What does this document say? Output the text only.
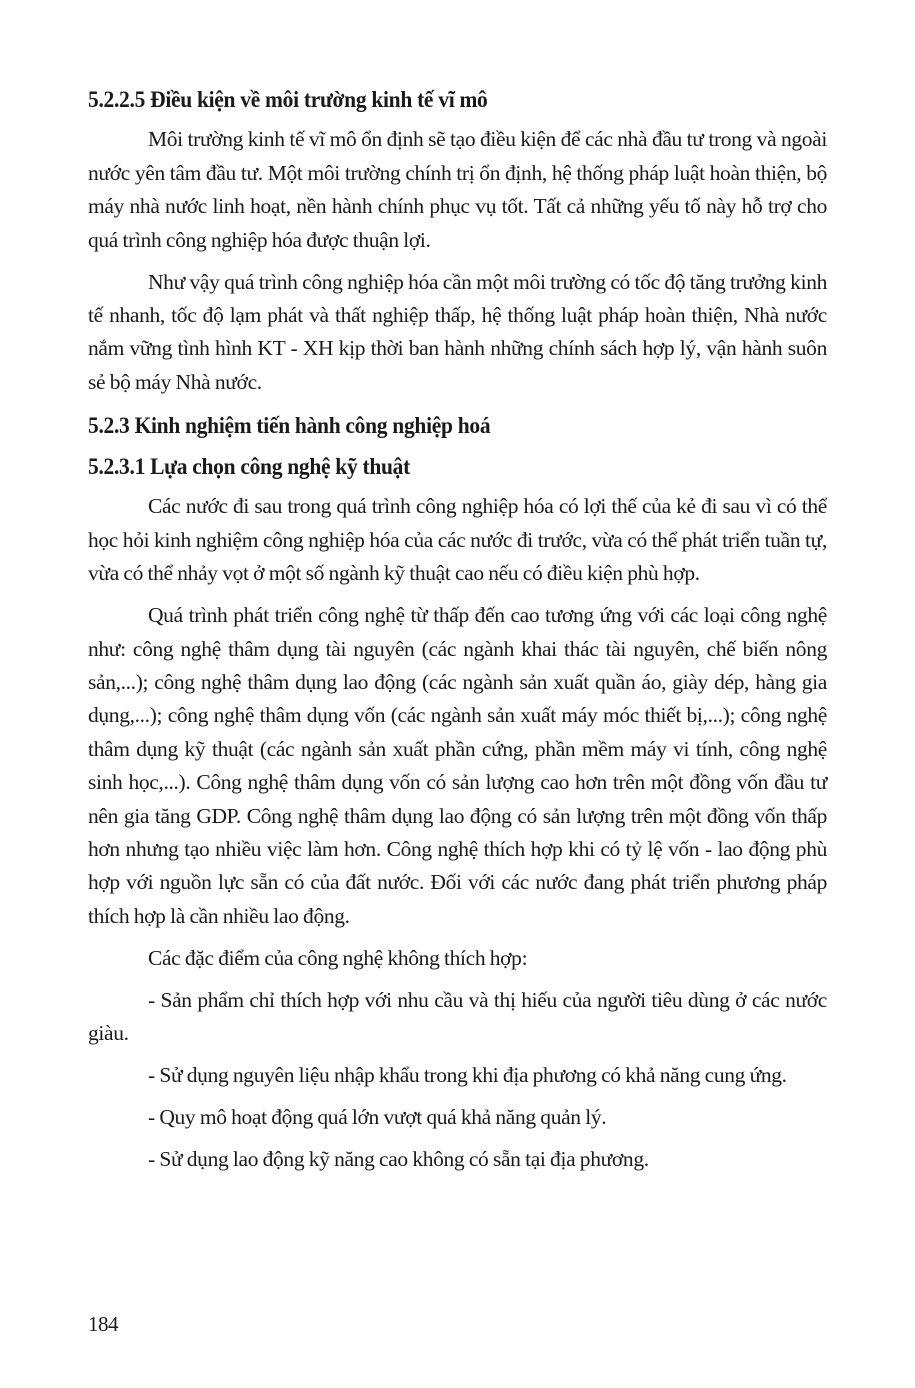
5.2.2.5 Điều kiện về môi trường kinh tế vĩ mô

Môi trường kinh tế vĩ mô ổn định sẽ tạo điều kiện để các nhà đầu tư trong và ngoài nước yên tâm đầu tư. Một môi trường chính trị ổn định, hệ thống pháp luật hoàn thiện, bộ máy nhà nước linh hoạt, nền hành chính phục vụ tốt. Tất cả những yếu tố này hỗ trợ cho quá trình công nghiệp hóa được thuận lợi.

Như vậy quá trình công nghiệp hóa cần một môi trường có tốc độ tăng trưởng kinh tế nhanh, tốc độ lạm phát và thất nghiệp thấp, hệ thống luật pháp hoàn thiện, Nhà nước nắm vững tình hình KT - XH kịp thời ban hành những chính sách hợp lý, vận hành suôn sẻ bộ máy Nhà nước.

5.2.3 Kinh nghiệm tiến hành công nghiệp hoá
5.2.3.1 Lựa chọn công nghệ kỹ thuật

Các nước đi sau trong quá trình công nghiệp hóa có lợi thế của kẻ đi sau vì có thể học hỏi kinh nghiệm công nghiệp hóa của các nước đi trước, vừa có thể phát triển tuần tự, vừa có thể nhảy vọt ở một số ngành kỹ thuật cao nếu có điều kiện phù hợp.

Quá trình phát triển công nghệ từ thấp đến cao tương ứng với các loại công nghệ như: công nghệ thâm dụng tài nguyên (các ngành khai thác tài nguyên, chế biến nông sản,...); công nghệ thâm dụng lao động (các ngành sản xuất quần áo, giày dép, hàng gia dụng,...); công nghệ thâm dụng vốn (các ngành sản xuất máy móc thiết bị,...); công nghệ thâm dụng kỹ thuật (các ngành sản xuất phần cứng, phần mềm máy vi tính, công nghệ sinh học,...). Công nghệ thâm dụng vốn có sản lượng cao hơn trên một đồng vốn đầu tư nên gia tăng GDP. Công nghệ thâm dụng lao động có sản lượng trên một đồng vốn thấp hơn nhưng tạo nhiều việc làm hơn. Công nghệ thích hợp khi có tỷ lệ vốn - lao động phù hợp với nguồn lực sẵn có của đất nước. Đối với các nước đang phát triển phương pháp thích hợp là cần nhiều lao động.

Các đặc điểm của công nghệ không thích hợp:

- Sản phẩm chỉ thích hợp với nhu cầu và thị hiếu của người tiêu dùng ở các nước giàu.

- Sử dụng nguyên liệu nhập khẩu trong khi địa phương có khả năng cung ứng.

- Quy mô hoạt động quá lớn vượt quá khả năng quản lý.

- Sử dụng lao động kỹ năng cao không có sẵn tại địa phương.

184
